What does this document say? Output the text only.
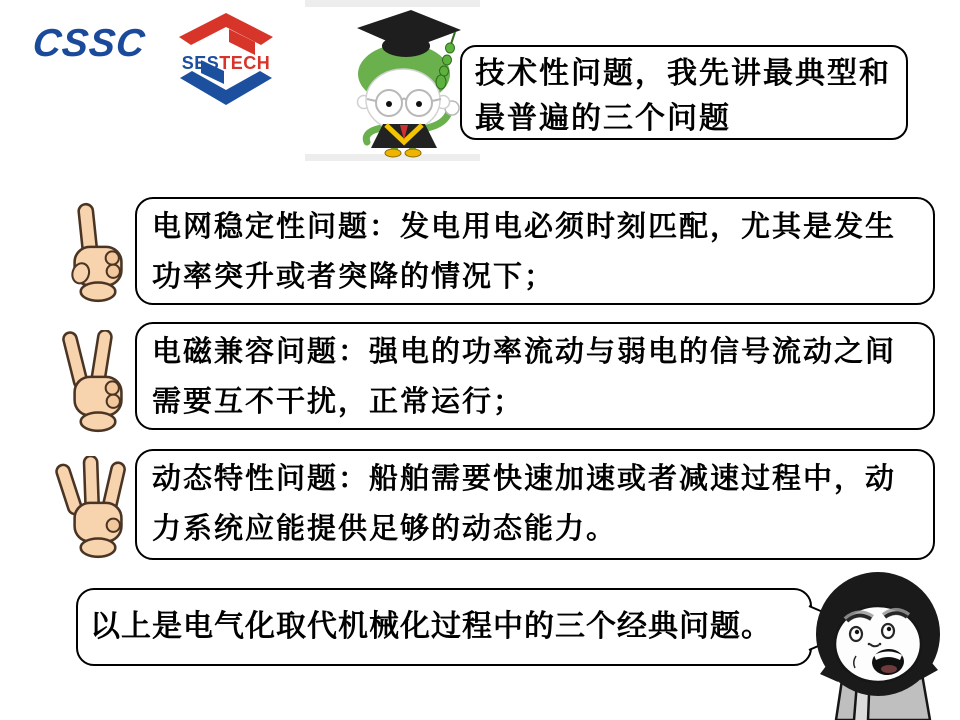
CSSC SESTECH	技术性问题，我先讲最典型和
最普遍的三个问题
电网稳定性问题：发电用电必须时刻匹配，尤其是发生
功率突升或者突降的情况下；
电磁兼容问题：强电的功率流动与弱电的信号流动之间
需要互不干扰，正常运行；
动态特性问题：船舶需要快速加速或者减速过程中，动
力系统应能提供足够的动态能力。
以上是电气化取代机械化过程中的三个经典问题。
